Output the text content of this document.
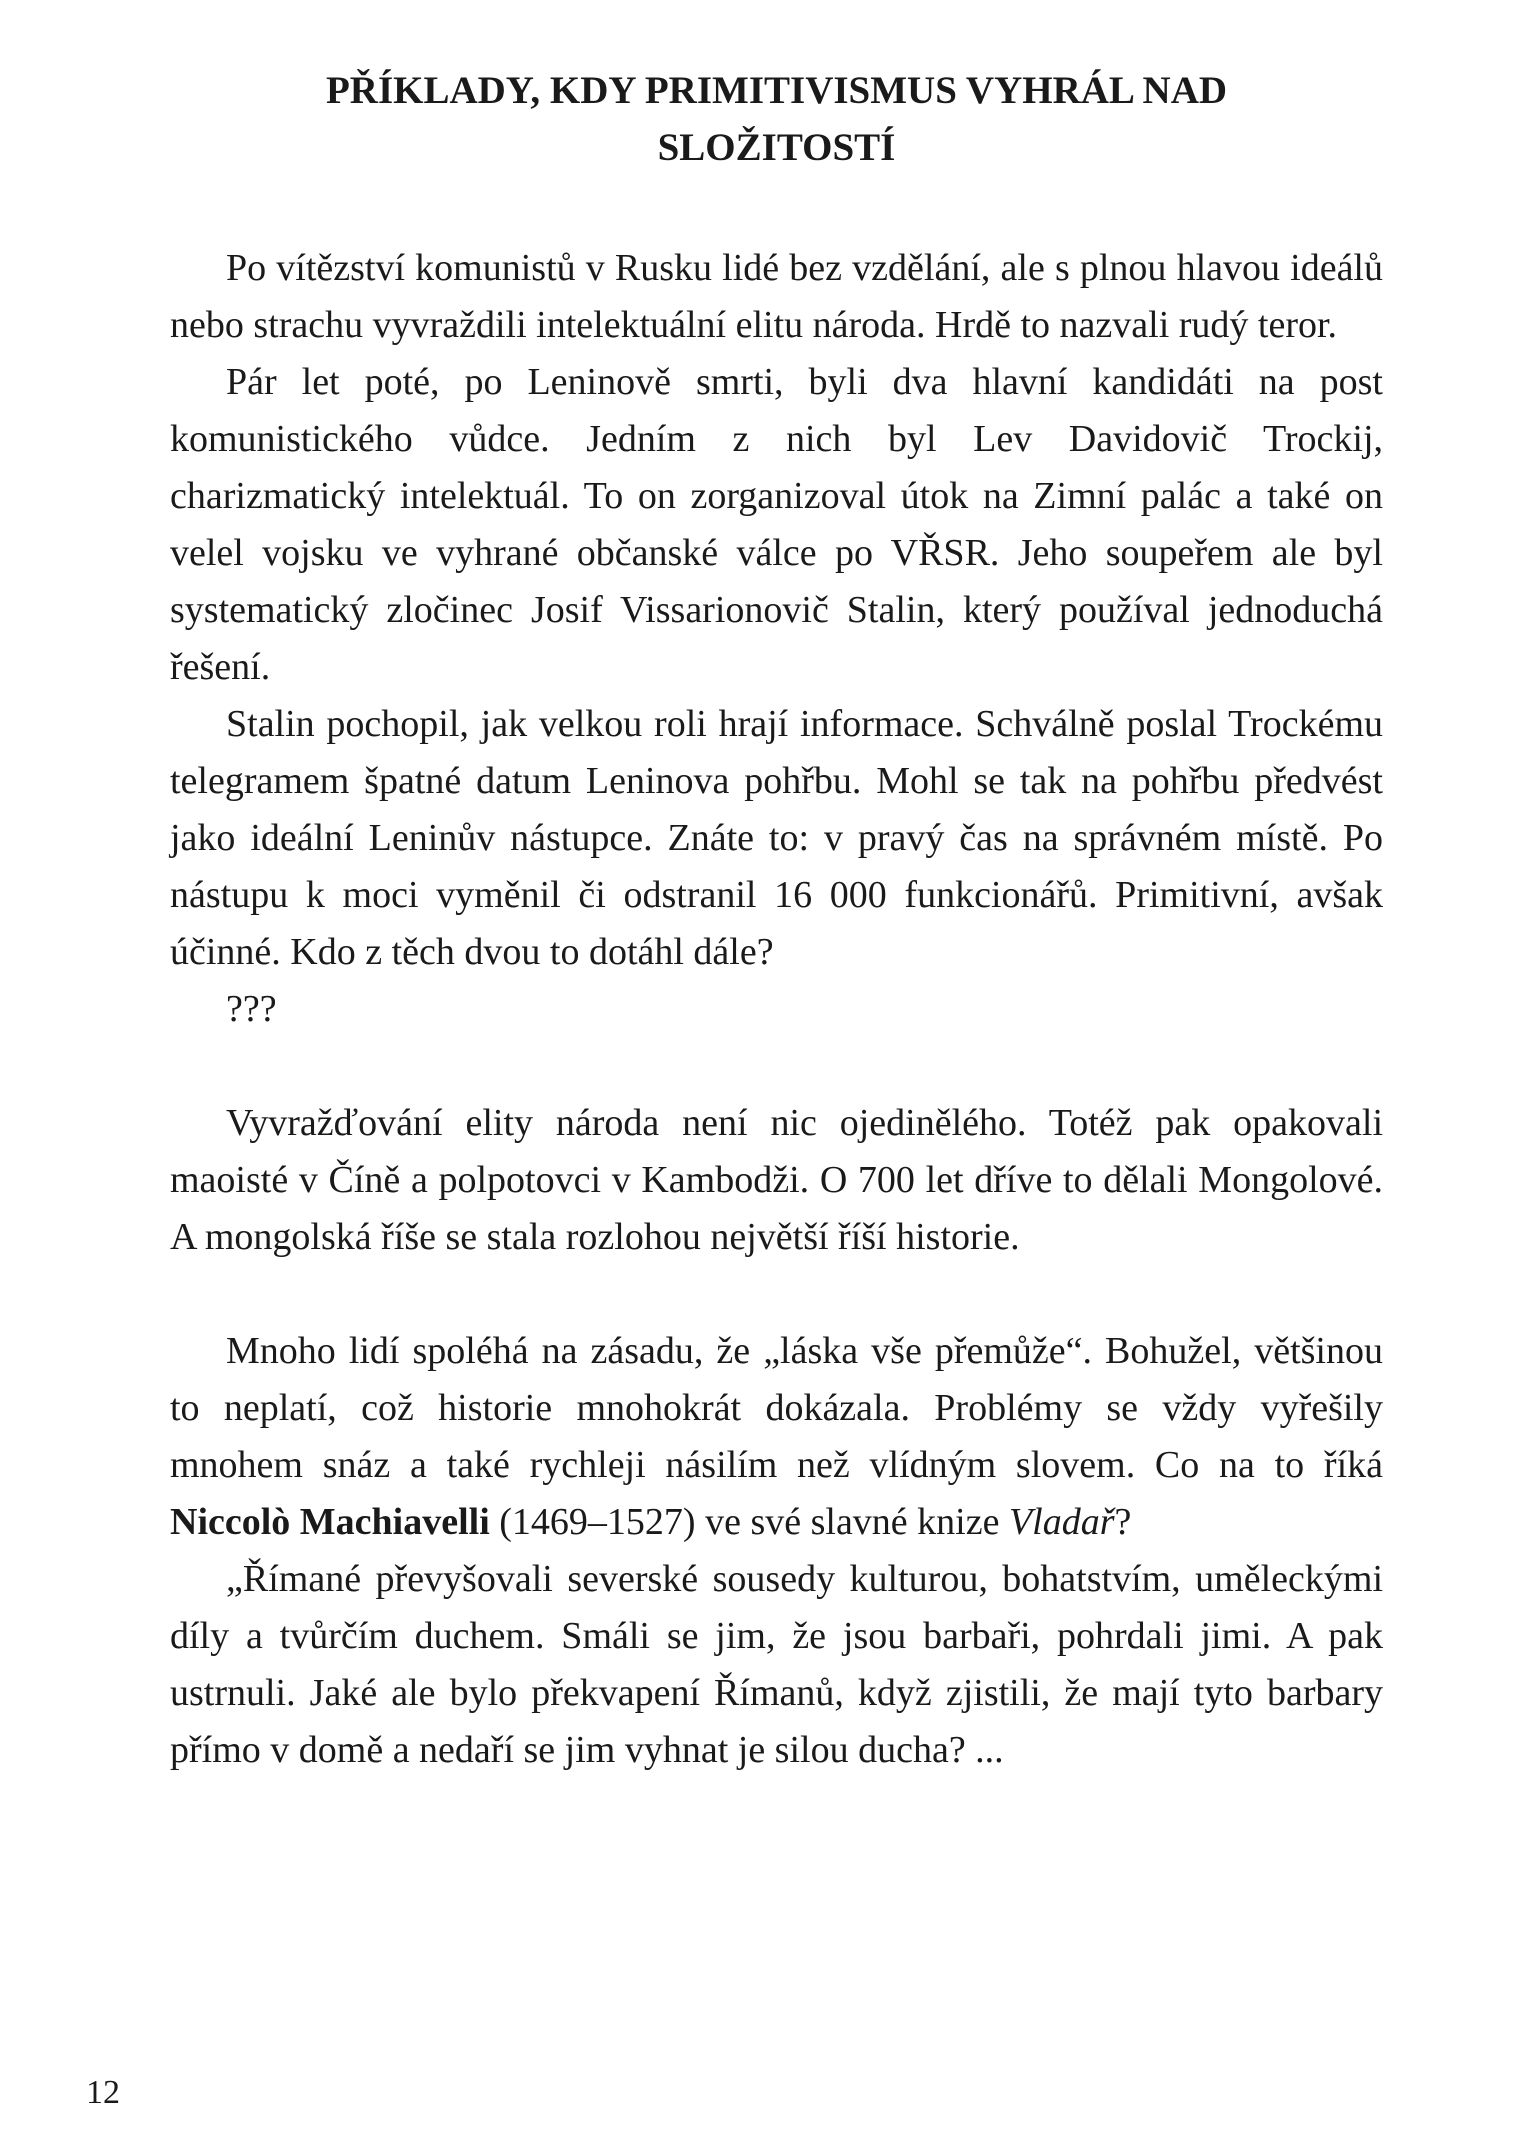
PŘÍKLADY, KDY PRIMITIVISMUS VYHRÁL NAD
SLOŽITOSTÍ

Po vítězství komunistů v Rusku lidé bez vzdělání, ale s plnou hlavou ideálů nebo strachu vyvraždili intelektuální elitu národa. Hrdě to nazvali rudý teror.

Pár let poté, po Leninově smrti, byli dva hlavní kandidáti na post komunistického vůdce. Jedním z nich byl Lev Davidovič Trockij, charizmatický intelektuál. To on zorganizoval útok na Zimní palác a také on velel vojsku ve vyhrané občanské válce po VŘSR. Jeho soupeřem ale byl systematický zločinec Josif Vissarionovič Stalin, který používal jednoduchá řešení.

Stalin pochopil, jak velkou roli hrají informace. Schválně poslal Trockému telegramem špatné datum Leninova pohřbu. Mohl se tak na pohřbu předvést jako ideální Leninův nástupce. Znáte to: v pravý čas na správném místě. Po nástupu k moci vyměnil či odstranil 16 000 funkcionářů. Primitivní, avšak účinné. Kdo z těch dvou to dotáhl dále?

???

Vyvražďování elity národa není nic ojedinělého. Totéž pak opakovali maoisté v Číně a polpotovci v Kambodži. O 700 let dříve to dělali Mongolové. A mongolská říše se stala rozlohou největší říší historie.

Mnoho lidí spoléhá na zásadu, že „láska vše přemůže“. Bohužel, většinou to neplatí, což historie mnohokrát dokázala. Problémy se vždy vyřešily mnohem snáz a také rychleji násilím než vlídným slovem. Co na to říká Niccolò Machiavelli (1469–1527) ve své slavné knize Vladař?

„Římané převyšovali severské sousedy kulturou, bohatstvím, uměleckými díly a tvůrčím duchem. Smáli se jim, že jsou barbaři, pohrdali jimi. A pak ustrnuli. Jaké ale bylo překvapení Římanů, když zjistili, že mají tyto barbary přímo v domě a nedaří se jim vyhnat je silou ducha? ...

12
